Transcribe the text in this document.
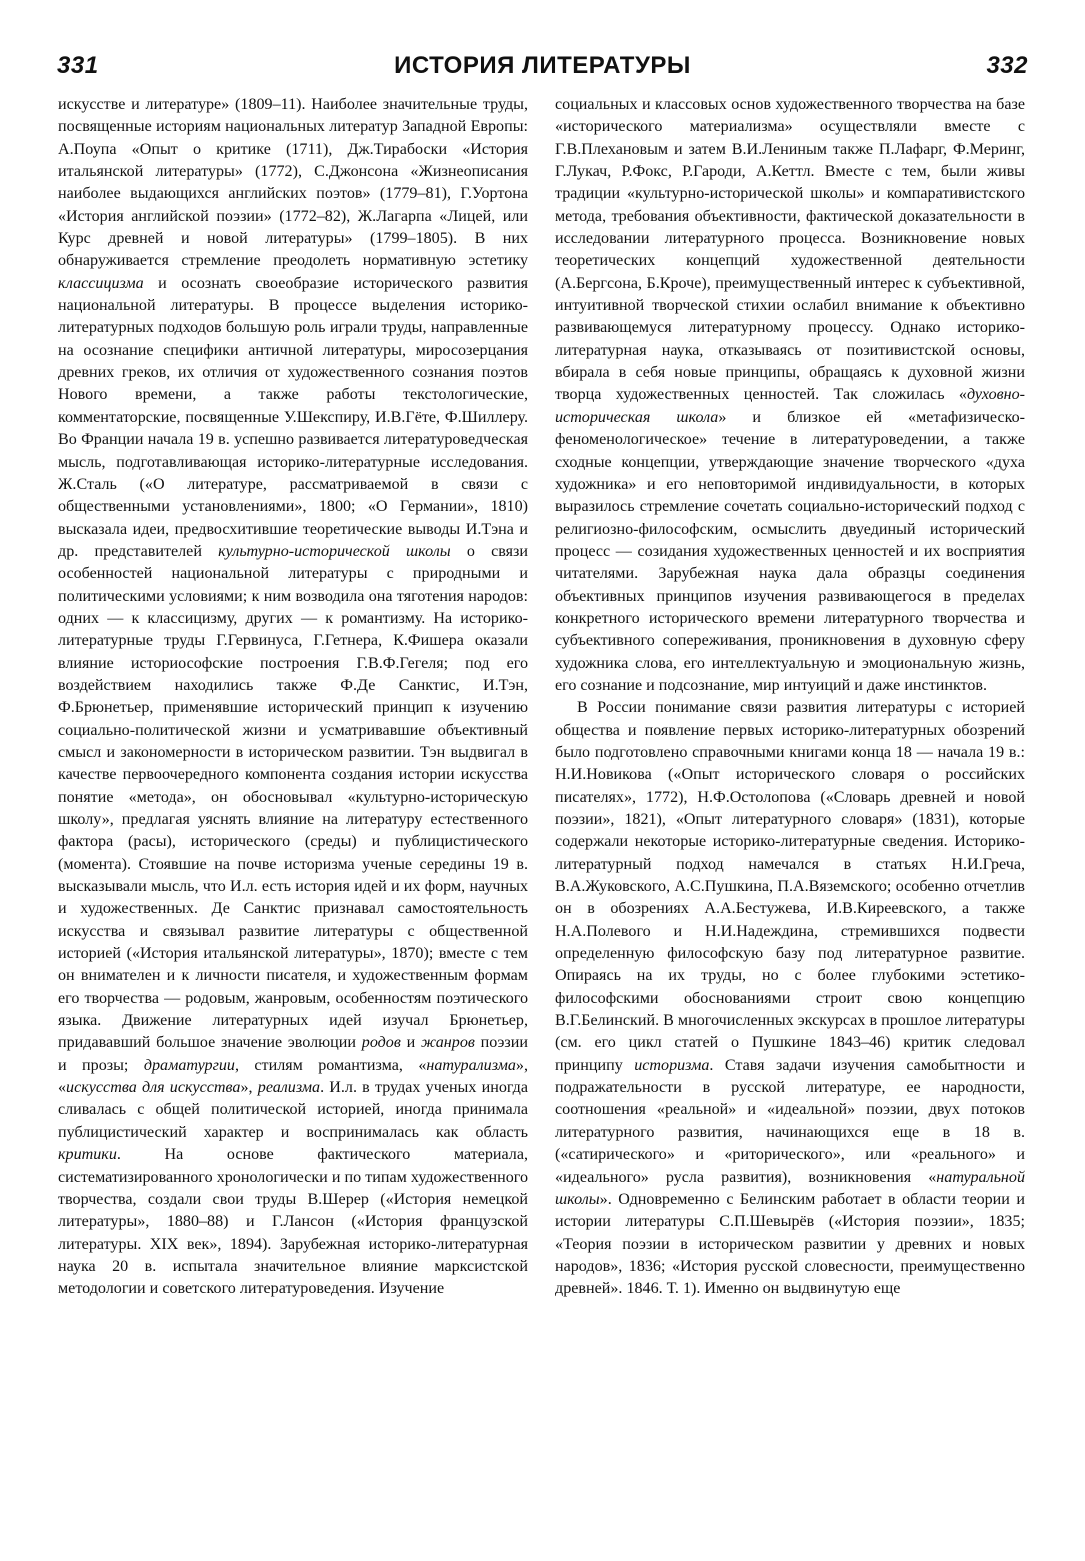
331	ИСТОРИЯ ЛИТЕРАТУРЫ	332

искусстве и литературе» (1809–11). Наиболее значительные труды, посвященные историям национальных литератур Западной Европы: А.Поупа «Опыт о критике (1711), Дж.Тирабоски «История итальянской литературы» (1772), С.Джонсона «Жизнеописания наиболее выдающихся английских поэтов» (1779–81), Г.Уортона «История английской поэзии» (1772–82), Ж.Лагарпа «Лицей, или Курс древней и новой литературы» (1799–1805). В них обнаруживается стремление преодолеть нормативную эстетику классицизма и осознать своеобразие исторического развития национальной литературы. В процессе выделения историко-литературных подходов большую роль играли труды, направленные на осознание специфики античной литературы, миросозерцания древних греков, их отличия от художественного сознания поэтов Нового времени, а также работы текстологические, комментаторские, посвященные У.Шекспиру, И.В.Гёте, Ф.Шиллеру. Во Франции начала 19 в. успешно развивается литературоведческая мысль, подготавливающая историко-литературные исследования. Ж.Сталь («О литературе, рассматриваемой в связи с общественными установлениями», 1800; «О Германии», 1810) высказала идеи, предвосхитившие теоретические выводы И.Тэна и др. представителей культурно-исторической школы о связи особенностей национальной литературы с природными и политическими условиями; к ним возводила она тяготения народов: одних — к классицизму, других — к романтизму. На историко-литературные труды Г.Гервинуса, Г.Гетнера, К.Фишера оказали влияние историософские построения Г.В.Ф.Гегеля; под его воздействием находились также Ф.Де Санктис, И.Тэн, Ф.Брюнетьер, применявшие исторический принцип к изучению социально-политической жизни и усматривавшие объективный смысл и закономерности в историческом развитии. Тэн выдвигал в качестве первоочередного компонента создания истории искусства понятие «метода», он обосновывал «культурно-историческую школу», предлагая уяснять влияние на литературу естественного фактора (расы), исторического (среды) и публицистического (момента). Стоявшие на почве историзма ученые середины 19 в. высказывали мысль, что И.л. есть история идей и их форм, научных и художественных. Де Санктис признавал самостоятельность искусства и связывал развитие литературы с общественной историей («История итальянской литературы», 1870); вместе с тем он внимателен и к личности писателя, и художественным формам его творчества — родовым, жанровым, особенностям поэтического языка. Движение литературных идей изучал Брюнетьер, придававший большое значение эволюции родов и жанров поэзии и прозы; драматургии, стилям романтизма, «натурализма», «искусства для искусства», реализма. И.л. в трудах ученых иногда сливалась с общей политической историей, иногда принимала публицистический характер и воспринималась как область критики. На основе фактического материала, систематизированного хронологически и по типам художественного творчества, создали свои труды В.Шерер («История немецкой литературы», 1880–88) и Г.Лансон («История французской литературы. XIX век», 1894). Зарубежная историко-литературная наука 20 в. испытала значительное влияние марксистской методологии и советского литературоведения. Изучение

социальных и классовых основ художественного творчества на базе «исторического материализма» осуществляли вместе с Г.В.Плехановым и затем В.И.Лениным также П.Лафарг, Ф.Меринг, Г.Лукач, Р.Фокс, Р.Гароди, А.Кеттл. Вместе с тем, были живы традиции «культурно-исторической школы» и компаративистского метода, требования объективности, фактической доказательности в исследовании литературного процесса. Возникновение новых теоретических концепций художественной деятельности (А.Бергсона, Б.Кроче), преимущественный интерес к субъективной, интуитивной творческой стихии ослабил внимание к объективно развивающемуся литературному процессу. Однако историко-литературная наука, отказываясь от позитивистской основы, вбирала в себя новые принципы, обращаясь к духовной жизни творца художественных ценностей. Так сложилась «духовно-историческая школа» и близкое ей «метафизическо-феноменологическое» течение в литературоведении, а также сходные концепции, утверждающие значение творческого «духа художника» и его неповторимой индивидуальности, в которых выразилось стремление сочетать социально-исторический подход с религиозно-философским, осмыслить двуединый исторический процесс — созидания художественных ценностей и их восприятия читателями. Зарубежная наука дала образцы соединения объективных принципов изучения развивающегося в пределах конкретного исторического времени литературного творчества и субъективного сопереживания, проникновения в духовную сферу художника слова, его интеллектуальную и эмоциональную жизнь, его сознание и подсознание, мир интуиций и даже инстинктов.

В России понимание связи развития литературы с историей общества и появление первых историко-литературных обозрений было подготовлено справочными книгами конца 18 — начала 19 в.: Н.И.Новикова («Опыт исторического словаря о российских писателях», 1772), Н.Ф.Остолопова («Словарь древней и новой поэзии», 1821), «Опыт литературного словаря» (1831), которые содержали некоторые историко-литературные сведения. Историко-литературный подход намечался в статьях Н.И.Греча, В.А.Жуковского, А.С.Пушкина, П.А.Вяземского; особенно отчетлив он в обозрениях А.А.Бестужева, И.В.Киреевского, а также Н.А.Полевого и Н.И.Надеждина, стремившихся подвести определенную философскую базу под литературное развитие. Опираясь на их труды, но с более глубокими эстетико-философскими обоснованиями строит свою концепцию В.Г.Белинский. В многочисленных экскурсах в прошлое литературы (см. его цикл статей о Пушкине 1843–46) критик следовал принципу историзма. Ставя задачи изучения самобытности и подражательности в русской литературе, ее народности, соотношения «реальной» и «идеальной» поэзии, двух потоков литературного развития, начинающихся еще в 18 в. («сатирического» и «риторического», или «реального» и «идеального» русла развития), возникновения «натуральной школы». Одновременно с Белинским работает в области теории и истории литературы С.П.Шевырёв («История поэзии», 1835; «Теория поэзии в историческом развитии у древних и новых народов», 1836; «История русской словесности, преимущественно древней». 1846. Т. 1). Именно он выдвинутую еще
